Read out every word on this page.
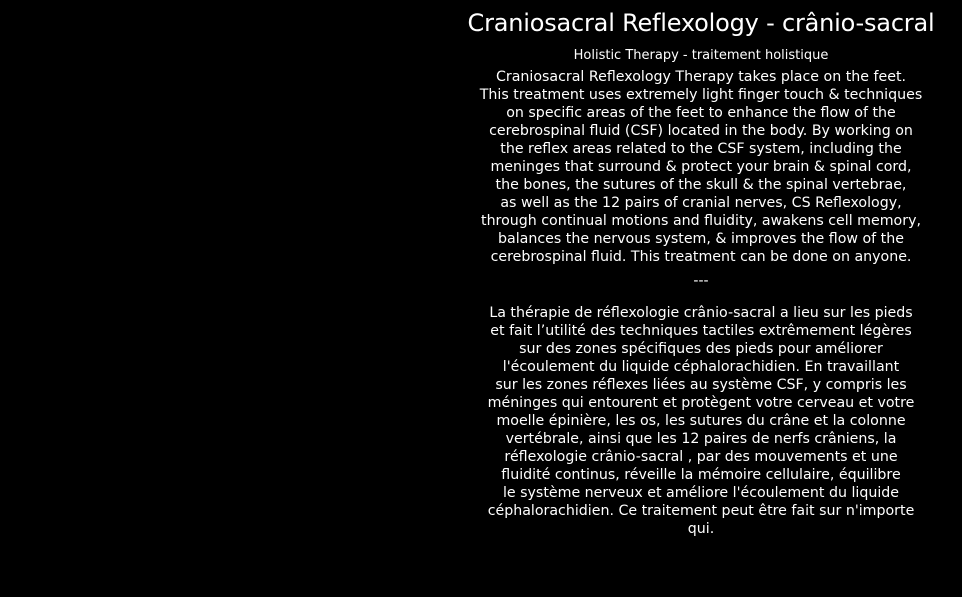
Craniosacral Reflexology - crânio-sacral

Holistic Therapy - traitement holistique

Craniosacral Reflexology Therapy takes place on the feet.
This treatment uses extremely light finger touch & techniques
on specific areas of the feet to enhance the flow of the
cerebrospinal fluid (CSF) located in the body. By working on
the reflex areas related to the CSF system, including the
meninges that surround & protect your brain & spinal cord,
the bones, the sutures of the skull & the spinal vertebrae,
as well as the 12 pairs of cranial nerves, CS Reflexology,
through continual motions and fluidity, awakens cell memory,
balances the nervous system, & improves the flow of the
cerebrospinal fluid. This treatment can be done on anyone.

---

La thérapie de réflexologie crânio-sacral a lieu sur les pieds
et fait l’utilité des techniques tactiles extrêmement légères
sur des zones spécifiques des pieds pour améliorer
l'écoulement du liquide céphalorachidien. En travaillant
sur les zones réflexes liées au système CSF, y compris les
méninges qui entourent et protègent votre cerveau et votre
moelle épinière, les os, les sutures du crâne et la colonne
vertébrale, ainsi que les 12 paires de nerfs crâniens, la
réflexologie crânio-sacral , par des mouvements et une
fluidité continus, réveille la mémoire cellulaire, équilibre
le système nerveux et améliore l'écoulement du liquide
céphalorachidien. Ce traitement peut être fait sur n'importe
qui.
